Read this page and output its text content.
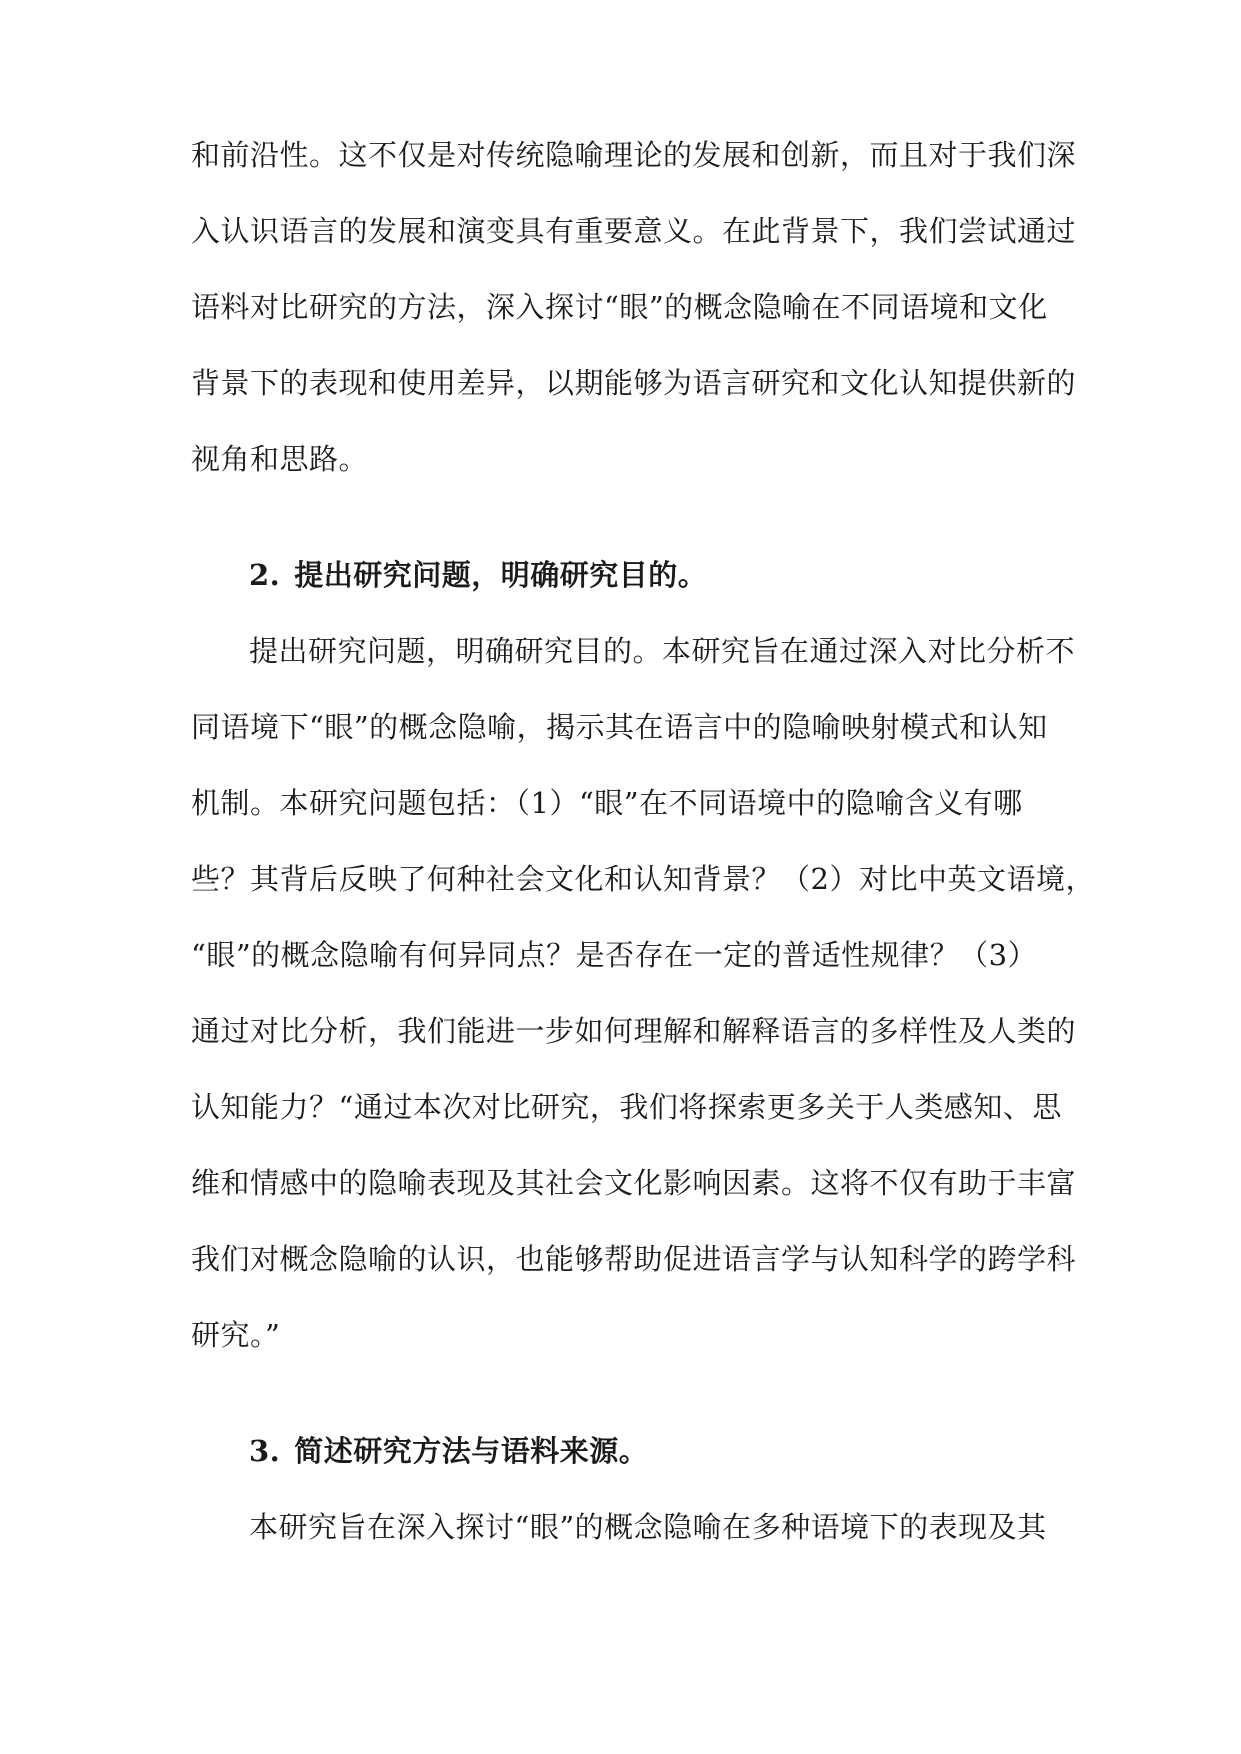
和前沿性。这不仅是对传统隐喻理论的发展和创新，而且对于我们深
入认识语言的发展和演变具有重要意义。在此背景下，我们尝试通过
语料对比研究的方法，深入探讨“眼”的概念隐喻在不同语境和文化
背景下的表现和使用差异，以期能够为语言研究和文化认知提供新的
视角和思路。
2. 提出研究问题，明确研究目的。
提出研究问题，明确研究目的。本研究旨在通过深入对比分析不
同语境下“眼”的概念隐喻，揭示其在语言中的隐喻映射模式和认知
机制。本研究问题包括：（1）“眼”在不同语境中的隐喻含义有哪
些？其背后反映了何种社会文化和认知背景？（2）对比中英文语境，
“眼”的概念隐喻有何异同点？是否存在一定的普适性规律？（3）
通过对比分析，我们能进一步如何理解和解释语言的多样性及人类的
认知能力？“通过本次对比研究，我们将探索更多关于人类感知、思
维和情感中的隐喻表现及其社会文化影响因素。这将不仅有助于丰富
我们对概念隐喻的认识，也能够帮助促进语言学与认知科学的跨学科
研究。”
3. 简述研究方法与语料来源。
本研究旨在深入探讨“眼”的概念隐喻在多种语境下的表现及其
